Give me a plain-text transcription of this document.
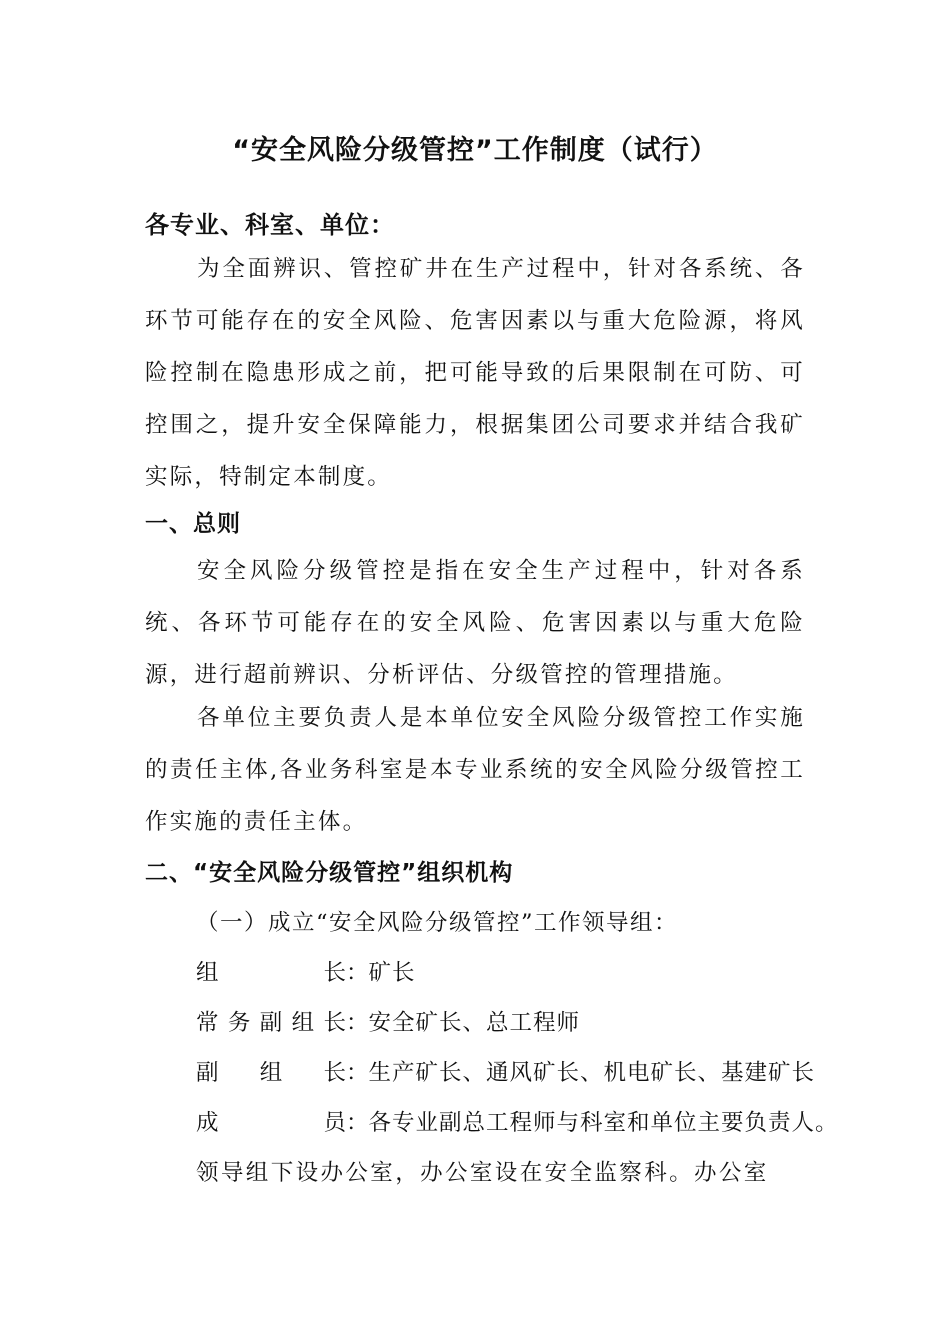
“安全风险分级管控”工作制度（试行）
各专业、科室、单位：

为全面辨识、管控矿井在生产过程中，针对各系统、各环节可能存在的安全风险、危害因素以与重大危险源，将风险控制在隐患形成之前，把可能导致的后果限制在可防、可控围之，提升安全保障能力，根据集团公司要求并结合我矿实际，特制定本制度。

一、总则

安全风险分级管控是指在安全生产过程中，针对各系统、各环节可能存在的安全风险、危害因素以与重大危险源，进行超前辨识、分析评估、分级管控的管理措施。

各单位主要负责人是本单位安全风险分级管控工作实施的责任主体,各业务科室是本专业系统的安全风险分级管控工作实施的责任主体。

二、“安全风险分级管控”组织机构
（一）成立“安全风险分级管控”工作领导组：
组长：矿长
常务副组长：安全矿长、总工程师
副组长：生产矿长、通风矿长、机电矿长、基建矿长
成员：各专业副总工程师与科室和单位主要负责人。
领导组下设办公室，办公室设在安全监察科。办公室
